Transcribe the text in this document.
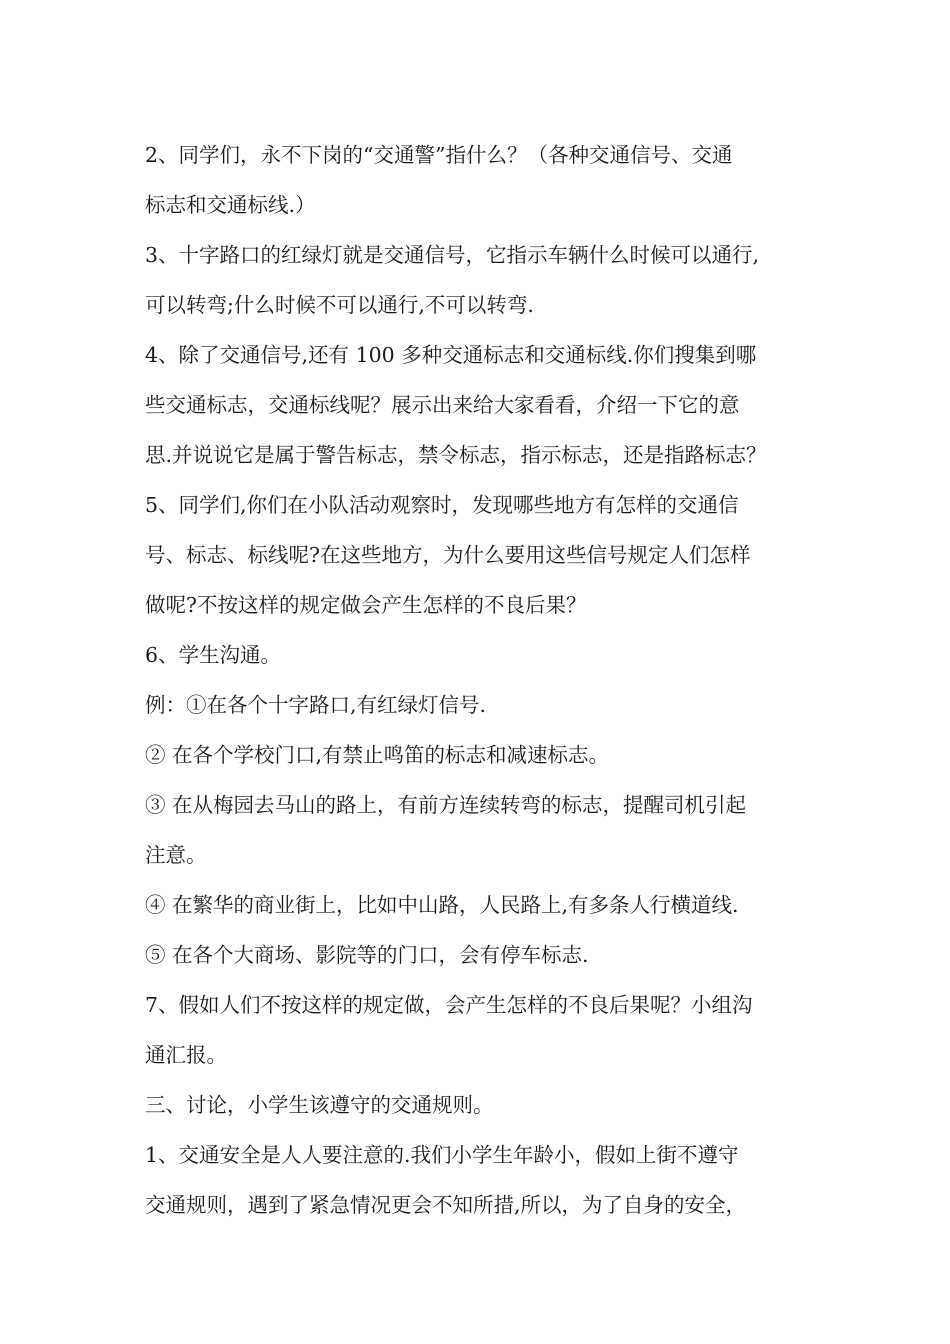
2、同学们，永不下岗的“交通警”指什么？（各种交通信号、交通

标志和交通标线.）

3、十字路口的红绿灯就是交通信号，它指示车辆什么时候可以通行,

可以转弯;什么时候不可以通行,不可以转弯.

4、除了交通信号,还有 100 多种交通标志和交通标线.你们搜集到哪

些交通标志，交通标线呢？展示出来给大家看看，介绍一下它的意

思.并说说它是属于警告标志，禁令标志，指示标志，还是指路标志？

5、同学们,你们在小队活动观察时，发现哪些地方有怎样的交通信

号、标志、标线呢?在这些地方，为什么要用这些信号规定人们怎样

做呢?不按这样的规定做会产生怎样的不良后果？

6、学生沟通。

例：①在各个十字路口,有红绿灯信号.

② 在各个学校门口,有禁止鸣笛的标志和减速标志。

③ 在从梅园去马山的路上，有前方连续转弯的标志，提醒司机引起

注意。

④ 在繁华的商业街上，比如中山路，人民路上,有多条人行横道线.

⑤ 在各个大商场、影院等的门口，会有停车标志.

7、假如人们不按这样的规定做，会产生怎样的不良后果呢？小组沟

通汇报。

三、讨论，小学生该遵守的交通规则。

1、交通安全是人人要注意的.我们小学生年龄小，假如上街不遵守

交通规则，遇到了紧急情况更会不知所措,所以，为了自身的安全，
